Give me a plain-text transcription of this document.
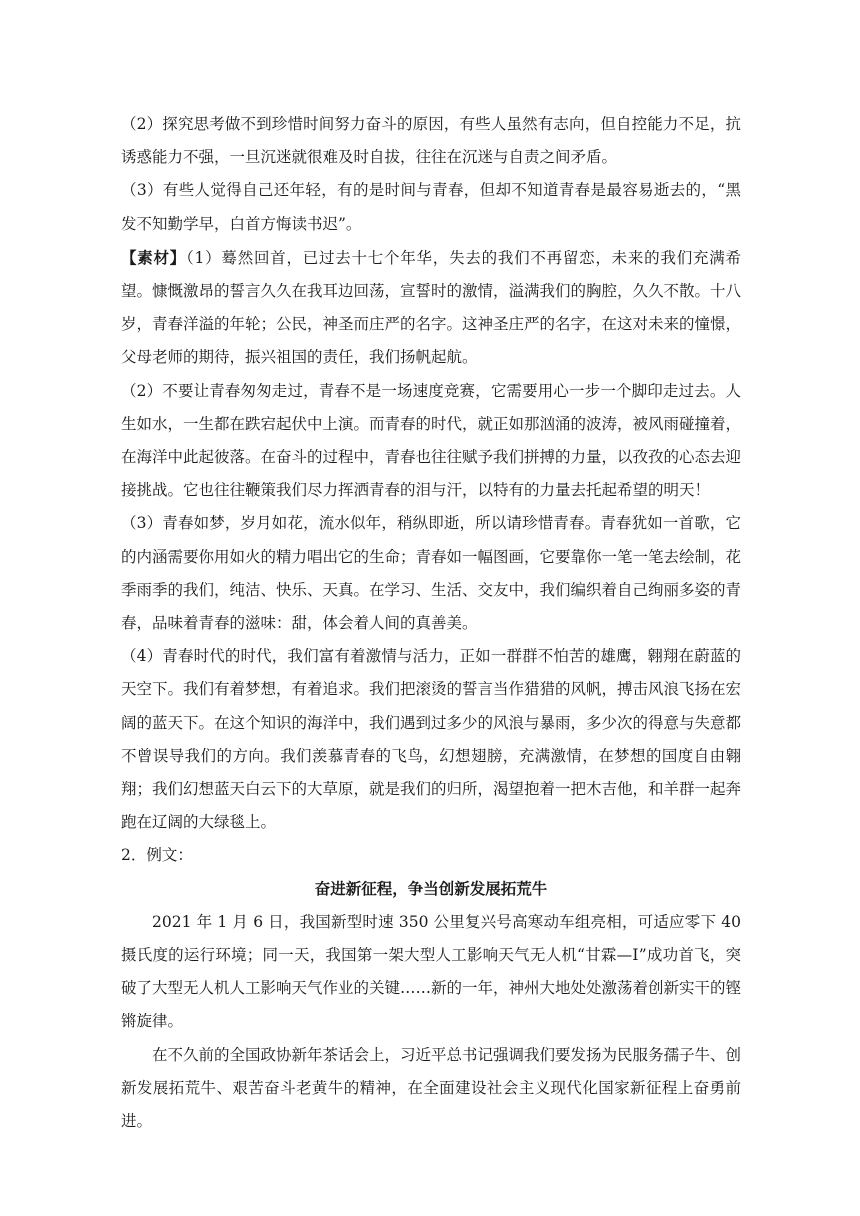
（2）探究思考做不到珍惜时间努力奋斗的原因，有些人虽然有志向，但自控能力不足，抗诱惑能力不强，一旦沉迷就很难及时自拔，往往在沉迷与自责之间矛盾。

（3）有些人觉得自己还年轻，有的是时间与青春，但却不知道青春是最容易逝去的，“黑发不知勤学早，白首方悔读书迟”。

【素材】（1）蓦然回首，已过去十七个年华，失去的我们不再留恋，未来的我们充满希望。慷慨激昂的誓言久久在我耳边回荡，宣誓时的激情，溢满我们的胸腔，久久不散。十八岁，青春洋溢的年轮；公民，神圣而庄严的名字。这神圣庄严的名字，在这对未来的憧憬，父母老师的期待，振兴祖国的责任，我们扬帆起航。

（2）不要让青春匆匆走过，青春不是一场速度竞赛，它需要用心一步一个脚印走过去。人生如水，一生都在跌宕起伏中上演。而青春的时代，就正如那汹涌的波涛，被风雨碰撞着，在海洋中此起彼落。在奋斗的过程中，青春也往往赋予我们拼搏的力量，以孜孜的心态去迎接挑战。它也往往鞭策我们尽力挥洒青春的泪与汗，以特有的力量去托起希望的明天！

（3）青春如梦，岁月如花，流水似年，稍纵即逝，所以请珍惜青春。青春犹如一首歌，它的内涵需要你用如火的精力唱出它的生命；青春如一幅图画，它要靠你一笔一笔去绘制，花季雨季的我们，纯洁、快乐、天真。在学习、生活、交友中，我们编织着自己绚丽多姿的青春，品味着青春的滋味：甜，体会着人间的真善美。

（4）青春时代的时代，我们富有着激情与活力，正如一群群不怕苦的雄鹰，翱翔在蔚蓝的天空下。我们有着梦想，有着追求。我们把滚烫的誓言当作猎猎的风帆，搏击风浪飞扬在宏阔的蓝天下。在这个知识的海洋中，我们遇到过多少的风浪与暴雨，多少次的得意与失意都不曾误导我们的方向。我们羡慕青春的飞鸟，幻想翅膀，充满激情，在梦想的国度自由翱翔；我们幻想蓝天白云下的大草原，就是我们的归所，渴望抱着一把木吉他，和羊群一起奔跑在辽阔的大绿毯上。

2．例文：

奋进新征程，争当创新发展拓荒牛

2021 年 1 月 6 日，我国新型时速 350 公里复兴号高寒动车组亮相，可适应零下 40 摄氏度的运行环境；同一天，我国第一架大型人工影响天气无人机“甘霖—Ⅰ”成功首飞，突破了大型无人机人工影响天气作业的关键……新的一年，神州大地处处激荡着创新实干的铿锵旋律。

在不久前的全国政协新年茶话会上，习近平总书记强调我们要发扬为民服务孺子牛、创新发展拓荒牛、艰苦奋斗老黄牛的精神，在全面建设社会主义现代化国家新征程上奋勇前进。
